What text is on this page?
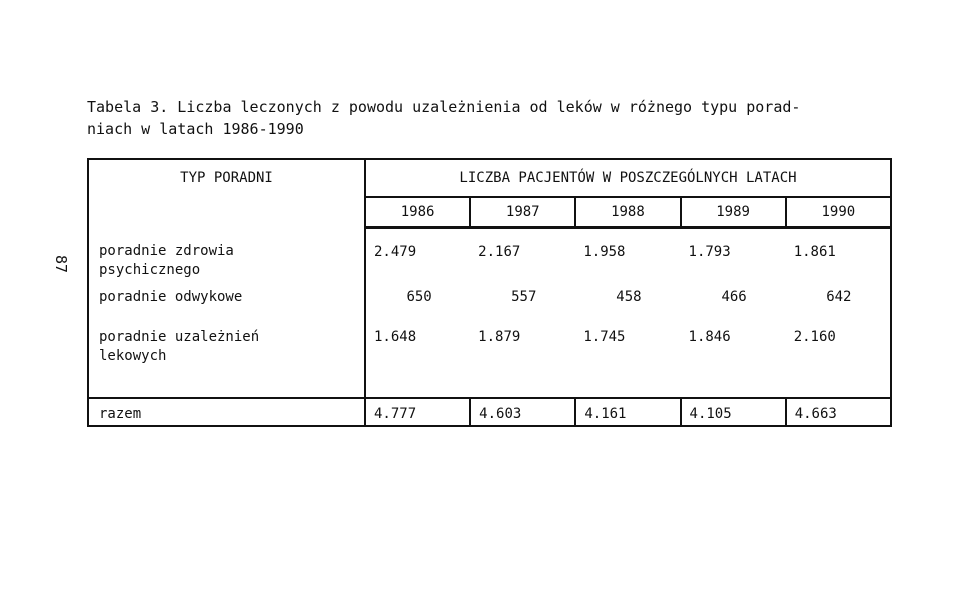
Tabela 3. Liczba leczonych z powodu uzależnienia od leków w różnego typu porad-
niach w latach 1986-1990
87
TYP PORADNI	LICZBA PACJENTÓW W POSZCZEGÓLNYCH LATACH				
	1986	1987	1988	1989	1990

poradnie zdrowia
psychicznego	2.479	2.167	1.958	1.793	1.861

poradnie odwykowe	650	557	458	466	642

poradnie uzależnień
lekowych	1.648	1.879	1.745	1.846	2.160
razem	4.777	4.603	4.161	4.105	4.663
